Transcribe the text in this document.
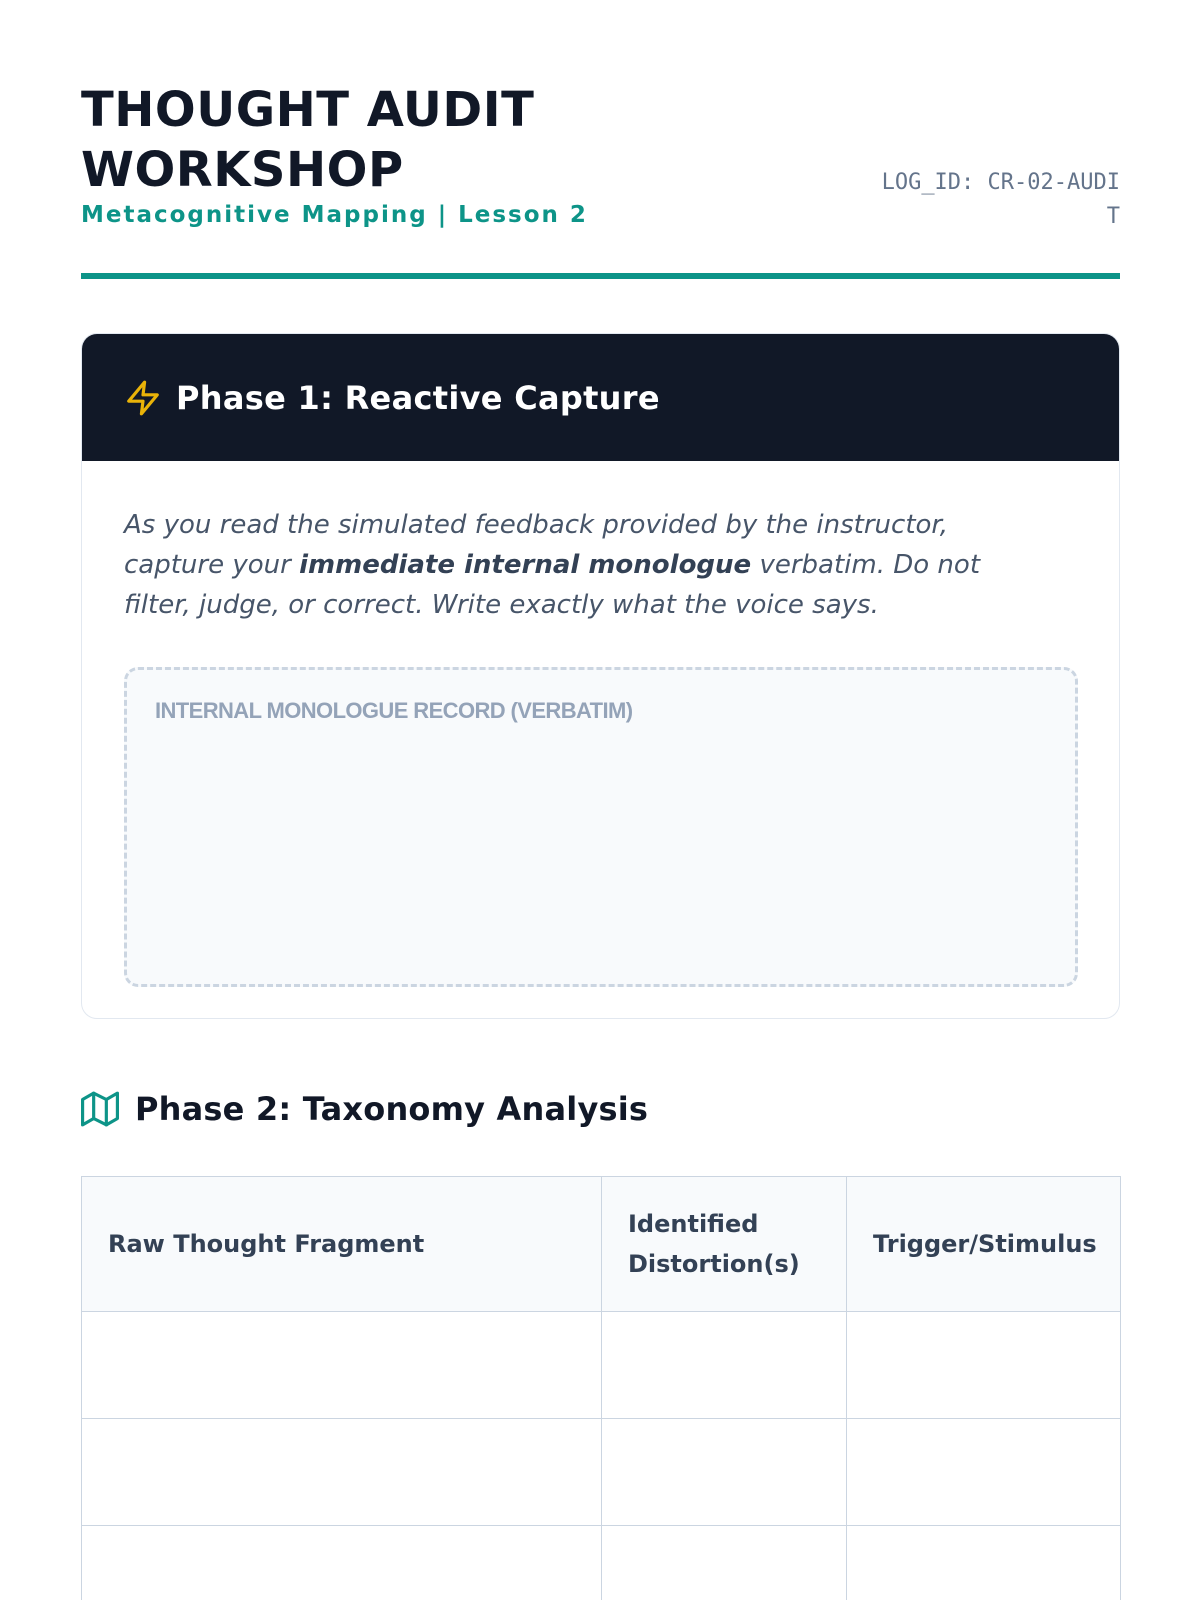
THOUGHT AUDIT WORKSHOP
Metacognitive Mapping | Lesson 2
LOG_ID: CR-02-AUDIT
Phase 1: Reactive Capture

As you read the simulated feedback provided by the instructor, capture your immediate internal monologue verbatim. Do not filter, judge, or correct. Write exactly what the voice says.

INTERNAL MONOLOGUE RECORD (VERBATIM)
Phase 2: Taxonomy Analysis
Raw Thought Fragment	Identified Distortion(s)	Trigger/Stimulus
